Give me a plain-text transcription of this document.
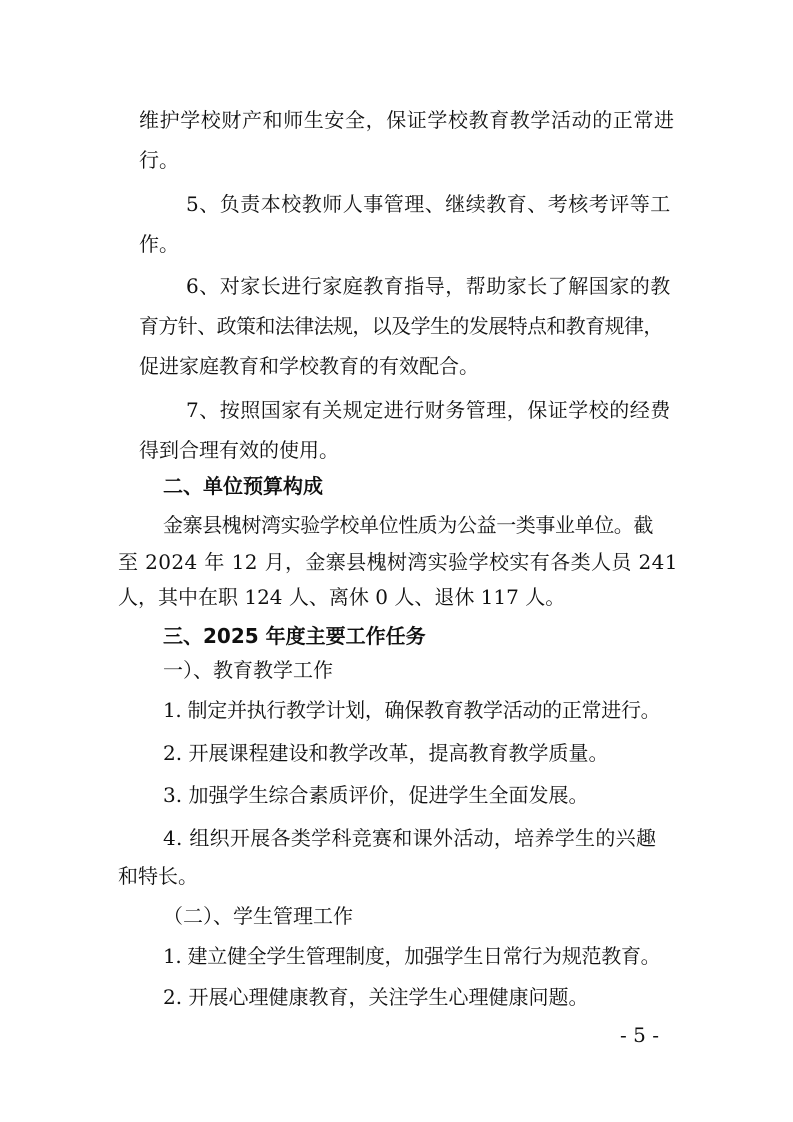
维护学校财产和师生安全，保证学校教育教学活动的正常进
行。
5、负责本校教师人事管理、继续教育、考核考评等工
作。
6、对家长进行家庭教育指导，帮助家长了解国家的教
育方针、政策和法律法规，以及学生的发展特点和教育规律，
促进家庭教育和学校教育的有效配合。
7、按照国家有关规定进行财务管理，保证学校的经费
得到合理有效的使用。
二、单位预算构成
金寨县槐树湾实验学校单位性质为公益一类事业单位。截
至 2024 年 12 月，金寨县槐树湾实验学校实有各类人员 241
人，其中在职 124 人、离休 0 人、退休 117 人。
三、2025 年度主要工作任务
一）、教育教学工作
1. 制定并执行教学计划，确保教育教学活动的正常进行。
2. 开展课程建设和教学改革，提高教育教学质量。
3. 加强学生综合素质评价，促进学生全面发展。
4. 组织开展各类学科竞赛和课外活动，培养学生的兴趣
和特长。
（二）、学生管理工作
1. 建立健全学生管理制度，加强学生日常行为规范教育。
2. 开展心理健康教育，关注学生心理健康问题。
- 5 -
